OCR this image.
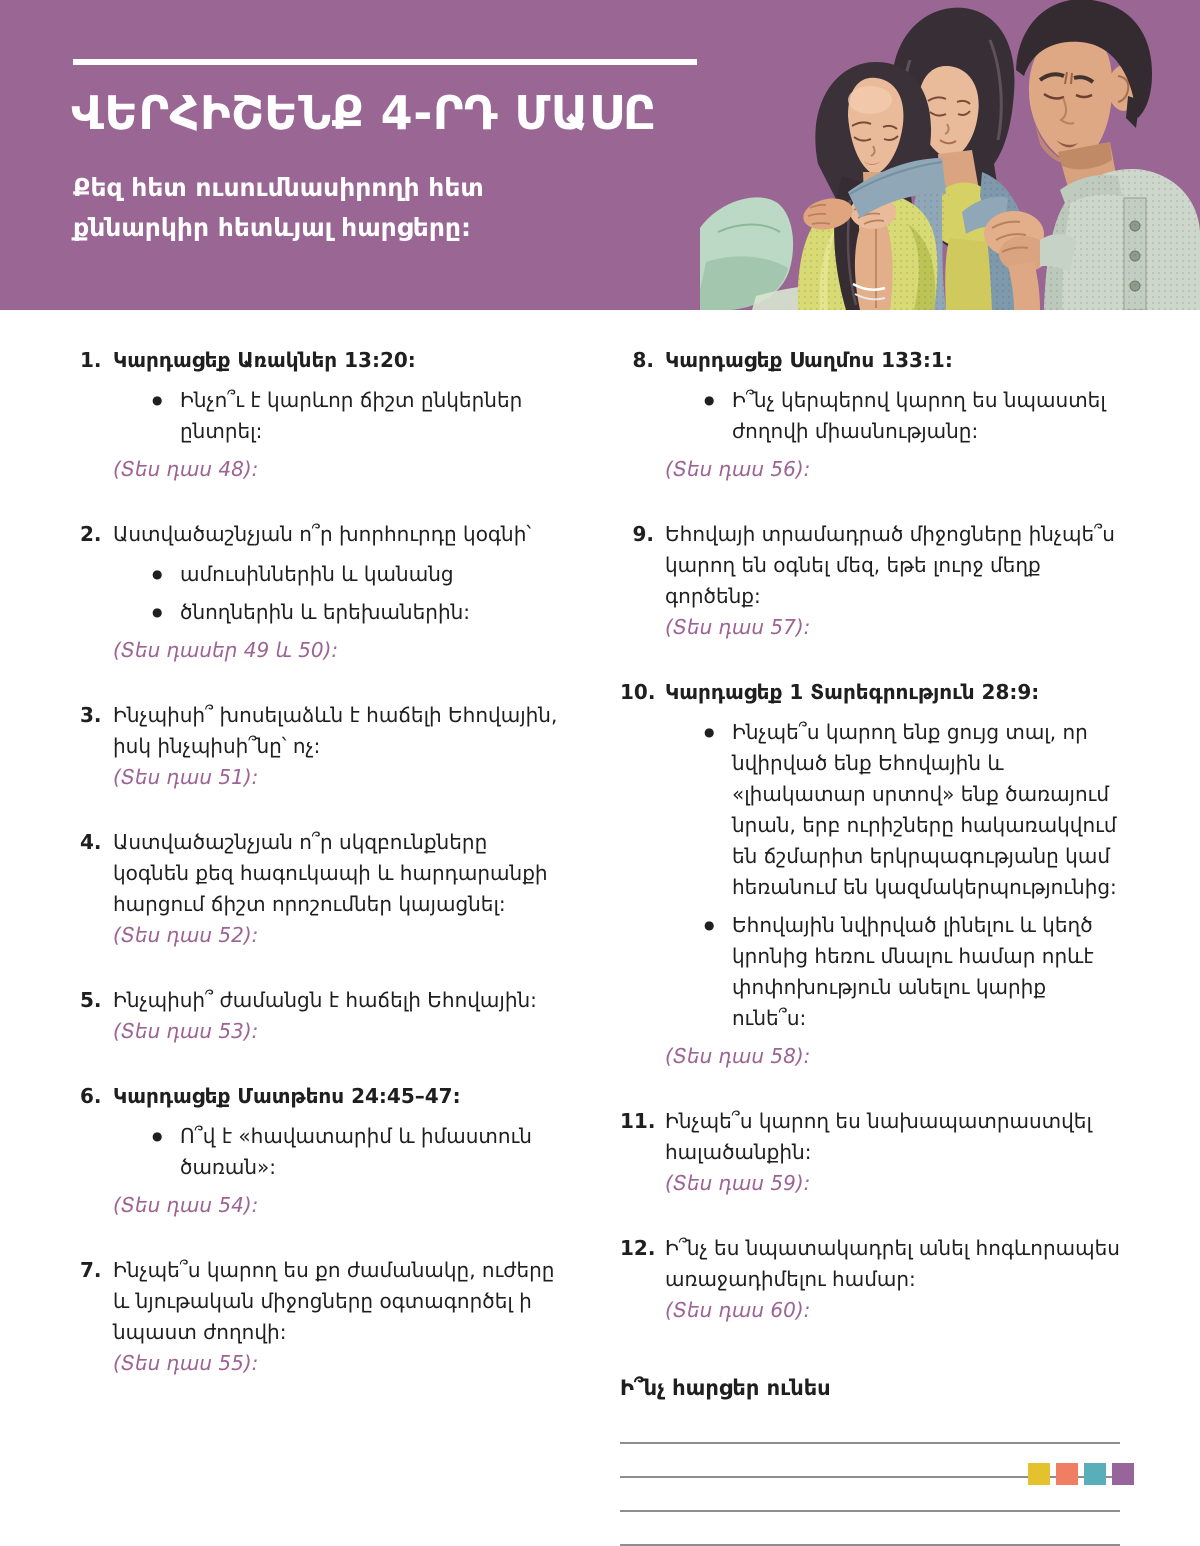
ՎԵՐՀԻՇԵՆՔ 4-ՐԴ ՄԱՍԸ
Քեզ հետ ուսումնասիրողի հետ քննարկիր հետևյալ հարցերը:
1. Կարդացեք Առակներ 13:20:
● Ինչո՞ւ է կարևոր ճիշտ ընկերներ ընտրել:
(Տես դաս 48):
2. Աստվածաշնչյան ո՞ր խորհուրդը կօգնի՝
● ամուսիններին և կանանց
● ծնողներին և երեխաներին:
(Տես դասեր 49 և 50):
3. Ինչպիսի՞ խոսելաձևն է հաճելի Եհովային, իսկ ինչպիսի՞նը՝ ոչ:
(Տես դաս 51):
4. Աստվածաշնչյան ո՞ր սկզբունքները կօգնեն քեզ հագուկապի և հարդարանքի հարցում ճիշտ որոշումներ կայացնել:
(Տես դաս 52):
5. Ինչպիսի՞ ժամանցն է հաճելի Եհովային:
(Տես դաս 53):
6. Կարդացեք Մատթեոս 24:45–47:
● Ո՞վ է «հավատարիմ և իմաստուն ծառան»:
(Տես դաս 54):
7. Ինչպե՞ս կարող ես քո ժամանակը, ուժերը և նյութական միջոցները օգտագործել ի նպաստ ժողովի:
(Տես դաս 55):
8. Կարդացեք Սաղմոս 133:1:
● Ի՞նչ կերպերով կարող ես նպաստել ժողովի միասնությանը:
(Տես դաս 56):
9. Եհովայի տրամադրած միջոցները ինչպե՞ս կարող են օգնել մեզ, եթե լուրջ մեղք գործենք:
(Տես դաս 57):
10. Կարդացեք 1 Տարեգրություն 28:9:
● Ինչպե՞ս կարող ենք ցույց տալ, որ նվիրված ենք Եհովային և «լիակատար սրտով» ենք ծառայում նրան, երբ ուրիշները հակառակվում են ճշմարիտ երկրպագությանը կամ հեռանում են կազմակերպությունից:
● Եհովային նվիրված լինելու և կեղծ կրոնից հեռու մնալու համար որևէ փոփոխություն անելու կարիք ունե՞ս:
(Տես դաս 58):
11. Ինչպե՞ս կարող ես նախապատրաստվել հալածանքին:
(Տես դաս 59):
12. Ի՞նչ ես նպատակադրել անել հոգևորապես առաջադիմելու համար:
(Տես դաս 60):
Ի՞նչ հարցեր ունես
